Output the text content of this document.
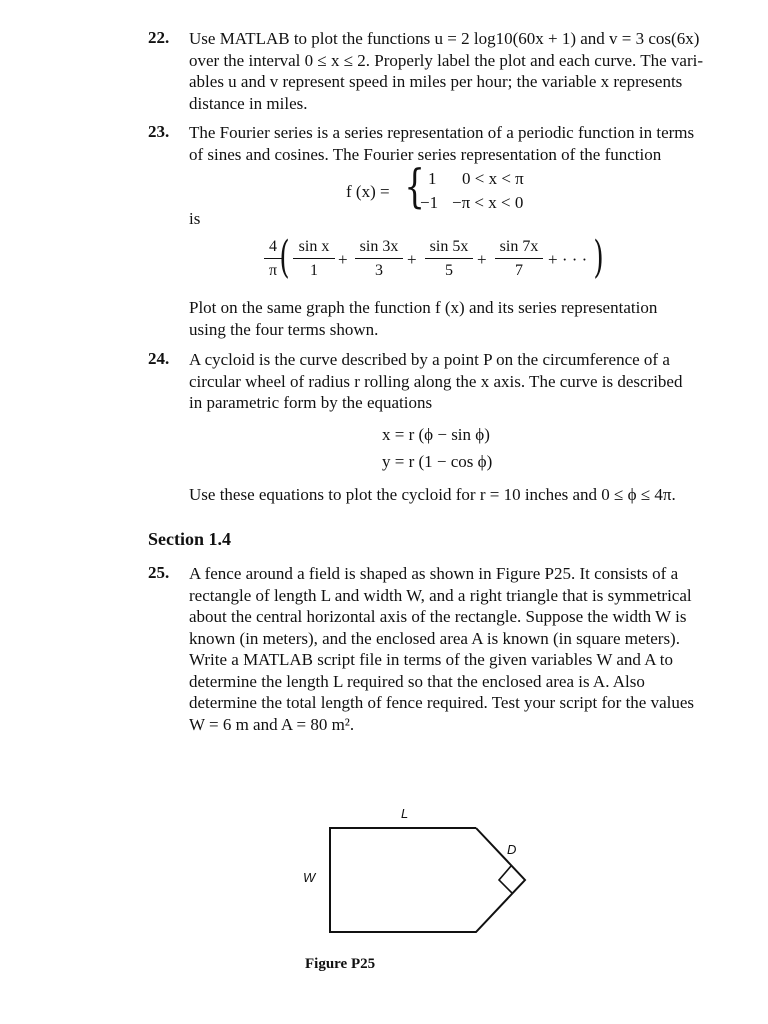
22. Use MATLAB to plot the functions u = 2 log10(60x + 1) and v = 3 cos(6x)
over the interval 0 ≤ x ≤ 2. Properly label the plot and each curve. The vari-
ables u and v represent speed in miles per hour; the variable x represents
distance in miles.
23. The Fourier series is a series representation of a periodic function in terms
of sines and cosines. The Fourier series representation of the function
f (x) = { 1 0 < x < π
−1 −π < x < 0
is
$\frac{4}{\pi}$
( $\frac{\text{sin x}}{1} + \frac{\sin 3x}{3} + \frac{\sin 5x}{5} + \frac{\sin 7x}{7}$ + · · · )
Plot on the same graph the function f (x) and its series representation
using the four terms shown.
24. A cycloid is the curve described by a point P on the circumference of a
circular wheel of radius r rolling along the x axis. The curve is described
in parametric form by the equations
x = r (ϕ − sin ϕ)
y = r (1 − cos ϕ)
Use these equations to plot the cycloid for r = 10 inches and 0 ≤ ϕ ≤ 4π.
Section 1.4
25. A fence around a field is shaped as shown in Figure P25. It consists of a
rectangle of length L and width W, and a right triangle that is symmetrical
about the central horizontal axis of the rectangle. Suppose the width W is
known (in meters), and the enclosed area A is known (in square meters).
Write a MATLAB script file in terms of the given variables W and A to
determine the length L required so that the enclosed area is A. Also
determine the total length of fence required. Test your script for the values
W = 6 m and A = 80 m².
L
W
D
Figure P25
